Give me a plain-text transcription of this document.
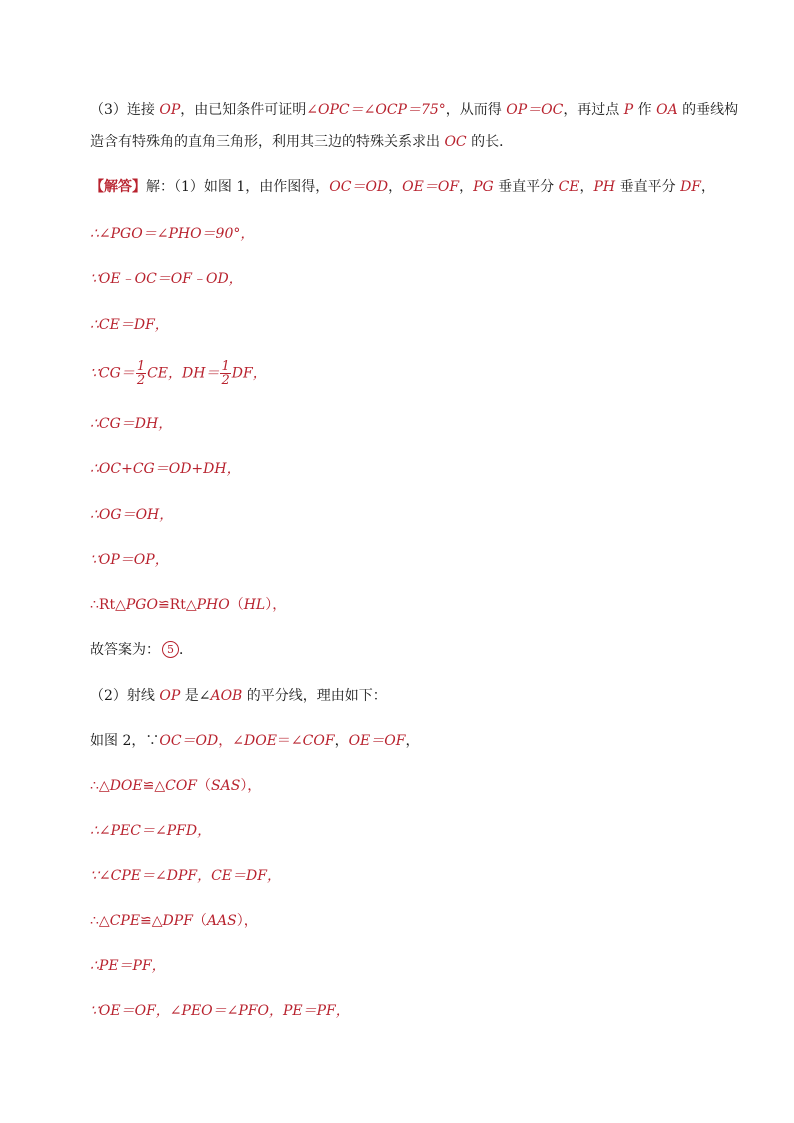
（3）连接 OP，由已知条件可证明∠OPC＝∠OCP＝75°，从而得 OP＝OC，再过点 P 作 OA 的垂线构
造含有特殊角的直角三角形，利用其三边的特殊关系求出 OC 的长．
【解答】解：（1）如图 1，由作图得，OC＝OD，OE＝OF，PG 垂直平分 CE，PH 垂直平分 DF，
∴∠PGO＝∠PHO＝90°，
∵OE﹣OC＝OF﹣OD，
∴CE＝DF，
∵CG＝ $\frac{1}{2}$ CE，$DH= \frac{1}{2}$ DF，
∴CG＝DH，
∴OC+CG＝OD+DH，
∴OG＝OH，
∵OP＝OP，
∴Rt△PGO≌Rt△PHO（HL），
故答案为： 5 ．
（2）射线 OP 是∠AOB 的平分线，理由如下：
如图 2，∵OC＝OD，∠DOE＝∠COF，OE＝OF，
∴△DOE≌△COF（SAS），
∴∠PEC＝∠PFD，
∵∠CPE＝∠DPF，CE＝DF，
∴△CPE≌△DPF（AAS），
∴PE＝PF，
∵OE＝OF，∠PEO＝∠PFO，PE＝PF，
